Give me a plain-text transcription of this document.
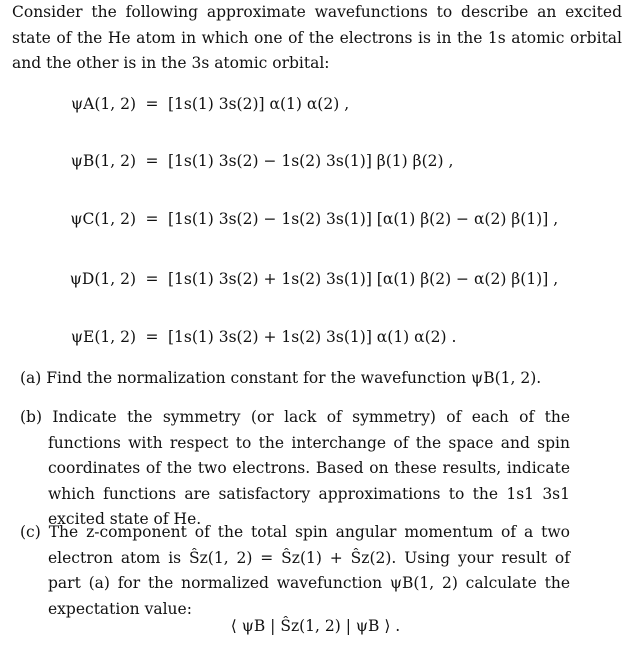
Consider the following approximate wavefunctions to describe an excited state of the He atom in which one of the electrons is in the 1s atomic orbital and the other is in the 3s atomic orbital:
ψA(1, 2) = [1s(1) 3s(2)] α(1) α(2) ,
ψB(1, 2) = [1s(1) 3s(2) − 1s(2) 3s(1)] β(1) β(2) ,
ψC(1, 2) = [1s(1) 3s(2) − 1s(2) 3s(1)] [α(1) β(2) − α(2) β(1)] ,
ψD(1, 2) = [1s(1) 3s(2) + 1s(2) 3s(1)] [α(1) β(2) − α(2) β(1)] ,
ψE(1, 2) = [1s(1) 3s(2) + 1s(2) 3s(1)] α(1) α(2) .
(a) Find the normalization constant for the wavefunction ψB(1, 2).
(b) Indicate the symmetry (or lack of symmetry) of each of the functions with respect to the interchange of the space and spin coordinates of the two electrons. Based on these results, indicate which functions are satisfactory approximations to the 1s1 3s1 excited state of He.
(c) The z-component of the total spin angular momentum of a two electron atom is Ŝz(1, 2) = Ŝz(1) + Ŝz(2). Using your result of part (a) for the normalized wavefunction ψB(1, 2) calculate the expectation value:
⟨ ψB | Ŝz(1, 2) | ψB ⟩ .
